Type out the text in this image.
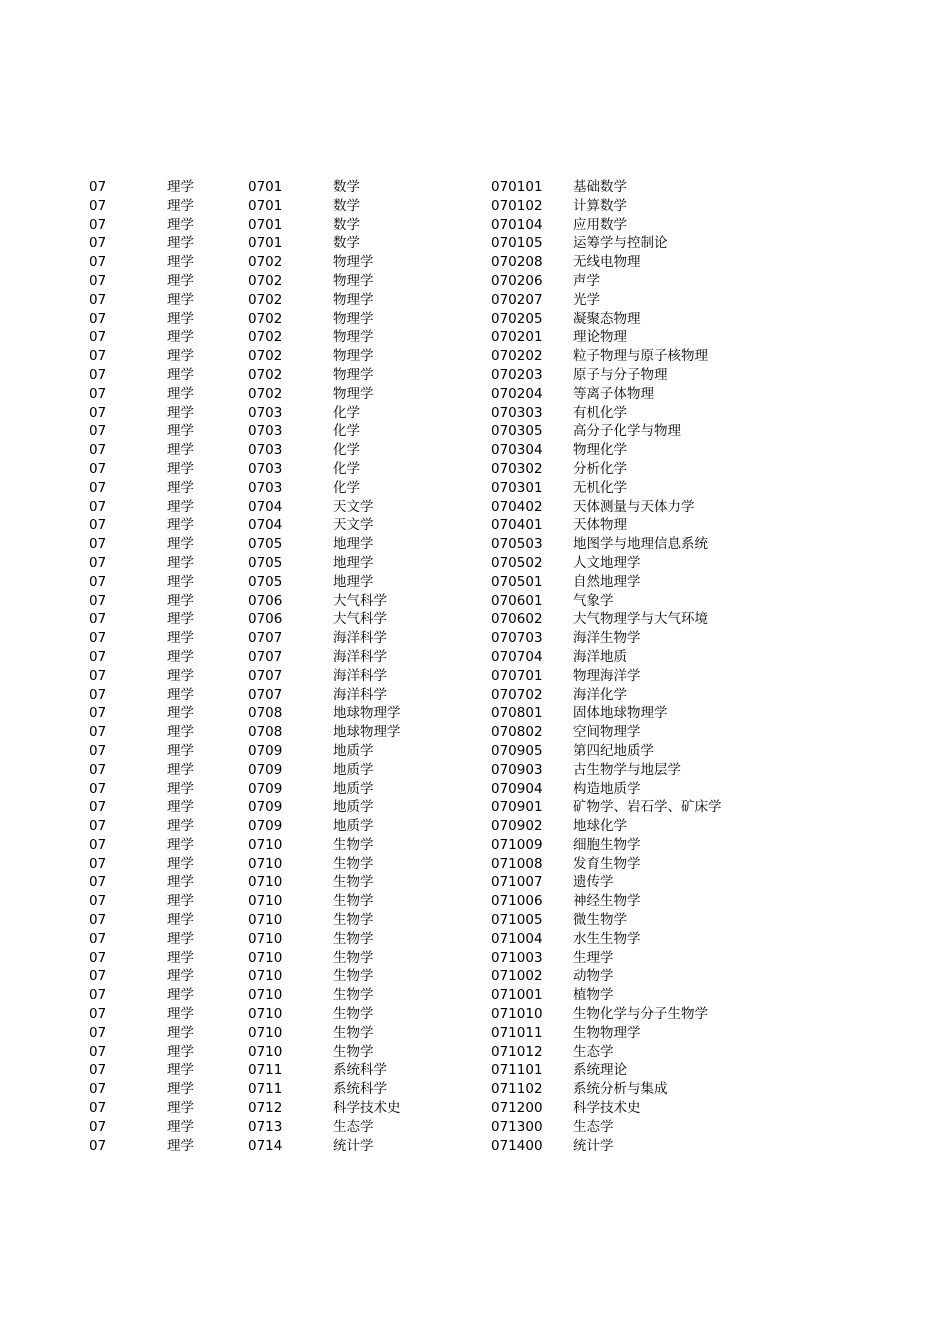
07	理学	0701	数学	070101 基础数学
07	理学	0701	数学	070102 计算数学
07	理学	0701	数学	070104 应用数学
07	理学	0701	数学	070105 运筹学与控制论
07	理学	0702	物理学	070208 无线电物理
07	理学	0702	物理学	070206 声学
07	理学	0702	物理学	070207 光学
07	理学	0702	物理学	070205 凝聚态物理
07	理学	0702	物理学	070201 理论物理
07	理学	0702	物理学	070202 粒子物理与原子核物理
07	理学	0702	物理学	070203 原子与分子物理
07	理学	0702	物理学	070204 等离子体物理
07	理学	0703	化学	070303 有机化学
07	理学	0703	化学	070305 高分子化学与物理
07	理学	0703	化学	070304 物理化学
07	理学	0703	化学	070302 分析化学
07	理学	0703	化学	070301 无机化学
07	理学	0704	天文学	070402 天体测量与天体力学
07	理学	0704	天文学	070401 天体物理
07	理学	0705	地理学	070503 地图学与地理信息系统
07	理学	0705	地理学	070502 人文地理学
07	理学	0705	地理学	070501 自然地理学
07	理学	0706	大气科学	070601 气象学
07	理学	0706	大气科学	070602 大气物理学与大气环境
07	理学	0707	海洋科学	070703 海洋生物学
07	理学	0707	海洋科学	070704 海洋地质
07	理学	0707	海洋科学	070701 物理海洋学
07	理学	0707	海洋科学	070702 海洋化学
07	理学	0708	地球物理学	070801 固体地球物理学
07	理学	0708	地球物理学	070802 空间物理学
07	理学	0709	地质学	070905 第四纪地质学
07	理学	0709	地质学	070903 古生物学与地层学
07	理学	0709	地质学	070904 构造地质学
07	理学	0709	地质学	070901 矿物学、岩石学、矿床学
07	理学	0709	地质学	070902 地球化学
07	理学	0710	生物学	071009 细胞生物学
07	理学	0710	生物学	071008 发育生物学
07	理学	0710	生物学	071007 遗传学
07	理学	0710	生物学	071006 神经生物学
07	理学	0710	生物学	071005 微生物学
07	理学	0710	生物学	071004 水生生物学
07	理学	0710	生物学	071003 生理学
07	理学	0710	生物学	071002 动物学
07	理学	0710	生物学	071001 植物学
07	理学	0710	生物学	071010 生物化学与分子生物学
07	理学	0710	生物学	071011 生物物理学
07	理学	0710	生物学	071012 生态学
07	理学	0711	系统科学	071101 系统理论
07	理学	0711	系统科学	071102 系统分析与集成
07	理学	0712	科学技术史	071200 科学技术史
07	理学	0713	生态学	071300 生态学
07	理学	0714	统计学	071400 统计学
